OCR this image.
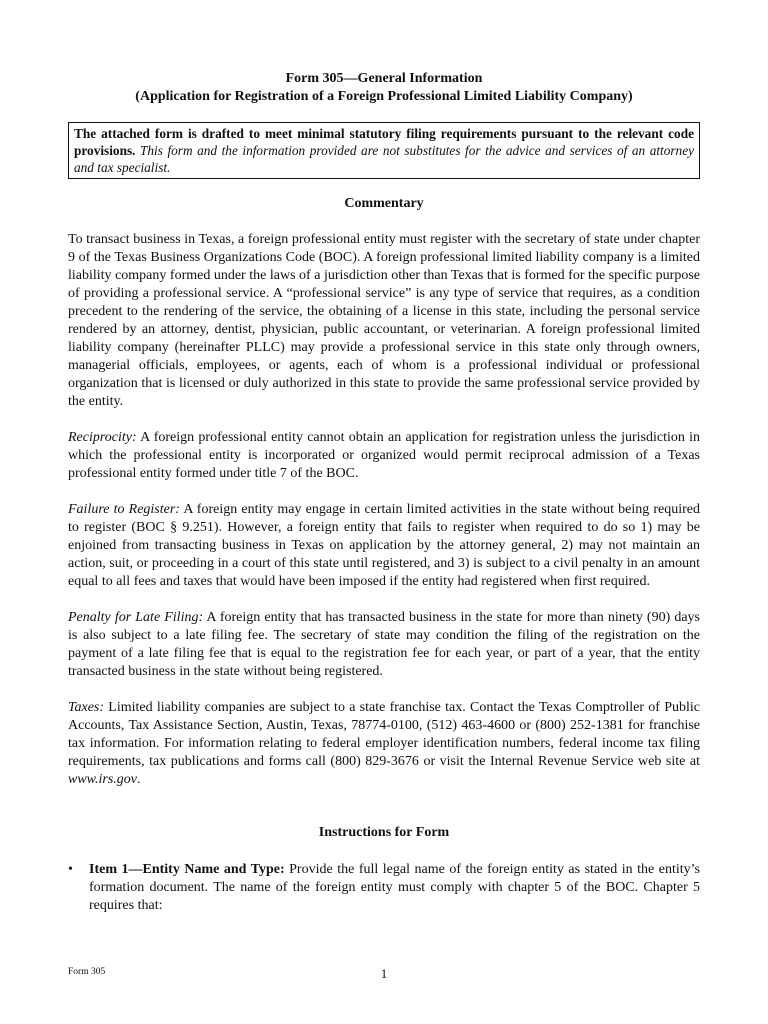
Form 305—General Information
(Application for Registration of a Foreign Professional Limited Liability Company)
The attached form is drafted to meet minimal statutory filing requirements pursuant to the relevant code provisions. This form and the information provided are not substitutes for the advice and services of an attorney and tax specialist.
Commentary
To transact business in Texas, a foreign professional entity must register with the secretary of state under chapter 9 of the Texas Business Organizations Code (BOC). A foreign professional limited liability company is a limited liability company formed under the laws of a jurisdiction other than Texas that is formed for the specific purpose of providing a professional service. A “professional service” is any type of service that requires, as a condition precedent to the rendering of the service, the obtaining of a license in this state, including the personal service rendered by an attorney, dentist, physician, public accountant, or veterinarian. A foreign professional limited liability company (hereinafter PLLC) may provide a professional service in this state only through owners, managerial officials, employees, or agents, each of whom is a professional individual or professional organization that is licensed or duly authorized in this state to provide the same professional service provided by the entity.
Reciprocity: A foreign professional entity cannot obtain an application for registration unless the jurisdiction in which the professional entity is incorporated or organized would permit reciprocal admission of a Texas professional entity formed under title 7 of the BOC.
Failure to Register: A foreign entity may engage in certain limited activities in the state without being required to register (BOC § 9.251). However, a foreign entity that fails to register when required to do so 1) may be enjoined from transacting business in Texas on application by the attorney general, 2) may not maintain an action, suit, or proceeding in a court of this state until registered, and 3) is subject to a civil penalty in an amount equal to all fees and taxes that would have been imposed if the entity had registered when first required.
Penalty for Late Filing: A foreign entity that has transacted business in the state for more than ninety (90) days is also subject to a late filing fee. The secretary of state may condition the filing of the registration on the payment of a late filing fee that is equal to the registration fee for each year, or part of a year, that the entity transacted business in the state without being registered.
Taxes: Limited liability companies are subject to a state franchise tax. Contact the Texas Comptroller of Public Accounts, Tax Assistance Section, Austin, Texas, 78774-0100, (512) 463-4600 or (800) 252-1381 for franchise tax information. For information relating to federal employer identification numbers, federal income tax filing requirements, tax publications and forms call (800) 829-3676 or visit the Internal Revenue Service web site at www.irs.gov.
Instructions for Form
• Item 1—Entity Name and Type: Provide the full legal name of the foreign entity as stated in the entity’s formation document. The name of the foreign entity must comply with chapter 5 of the BOC. Chapter 5 requires that:
Form 305	1
